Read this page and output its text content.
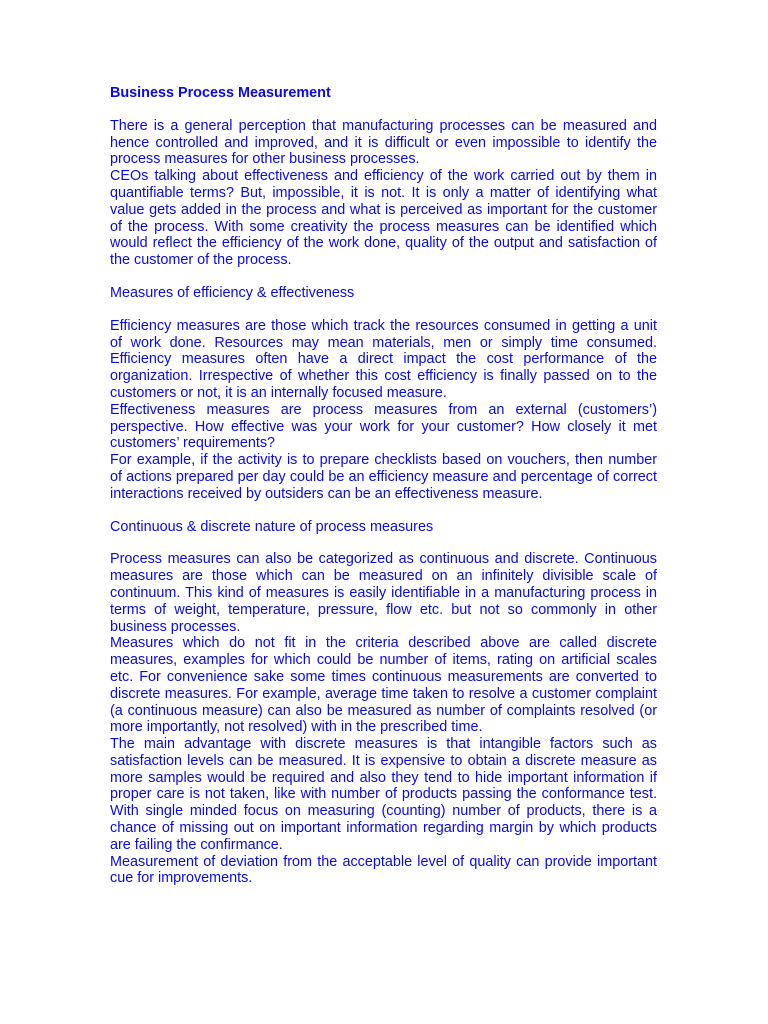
Business Process Measurement

There is a general perception that manufacturing processes can be measured and hence controlled and improved, and it is difficult or even impossible to identify the process measures for other business processes.

CEOs talking about effectiveness and efficiency of the work carried out by them in quantifiable terms? But, impossible, it is not. It is only a matter of identifying what value gets added in the process and what is perceived as important for the customer of the process. With some creativity the process measures can be identified which would reflect the efficiency of the work done, quality of the output and satisfaction of the customer of the process.

Measures of efficiency & effectiveness

Efficiency measures are those which track the resources consumed in getting a unit of work done. Resources may mean materials, men or simply time consumed. Efficiency measures often have a direct impact the cost performance of the organization. Irrespective of whether this cost efficiency is finally passed on to the customers or not, it is an internally focused measure.

Effectiveness measures are process measures from an external (customers’) perspective. How effective was your work for your customer? How closely it met customers’ requirements?

For example, if the activity is to prepare checklists based on vouchers, then number of actions prepared per day could be an efficiency measure and percentage of correct interactions received by outsiders can be an effectiveness measure.

Continuous & discrete nature of process measures

Process measures can also be categorized as continuous and discrete. Continuous measures are those which can be measured on an infinitely divisible scale of continuum. This kind of measures is easily identifiable in a manufacturing process in terms of weight, temperature, pressure, flow etc. but not so commonly in other business processes.

Measures which do not fit in the criteria described above are called discrete measures, examples for which could be number of items, rating on artificial scales etc. For convenience sake some times continuous measurements are converted to discrete measures. For example, average time taken to resolve a customer complaint (a continuous measure) can also be measured as number of complaints resolved (or more importantly, not resolved) with in the prescribed time.

The main advantage with discrete measures is that intangible factors such as satisfaction levels can be measured. It is expensive to obtain a discrete measure as more samples would be required and also they tend to hide important information if proper care is not taken, like with number of products passing the conformance test. With single minded focus on measuring (counting) number of products, there is a chance of missing out on important information regarding margin by which products are failing the confirmance.

Measurement of deviation from the acceptable level of quality can provide important cue for improvements.
